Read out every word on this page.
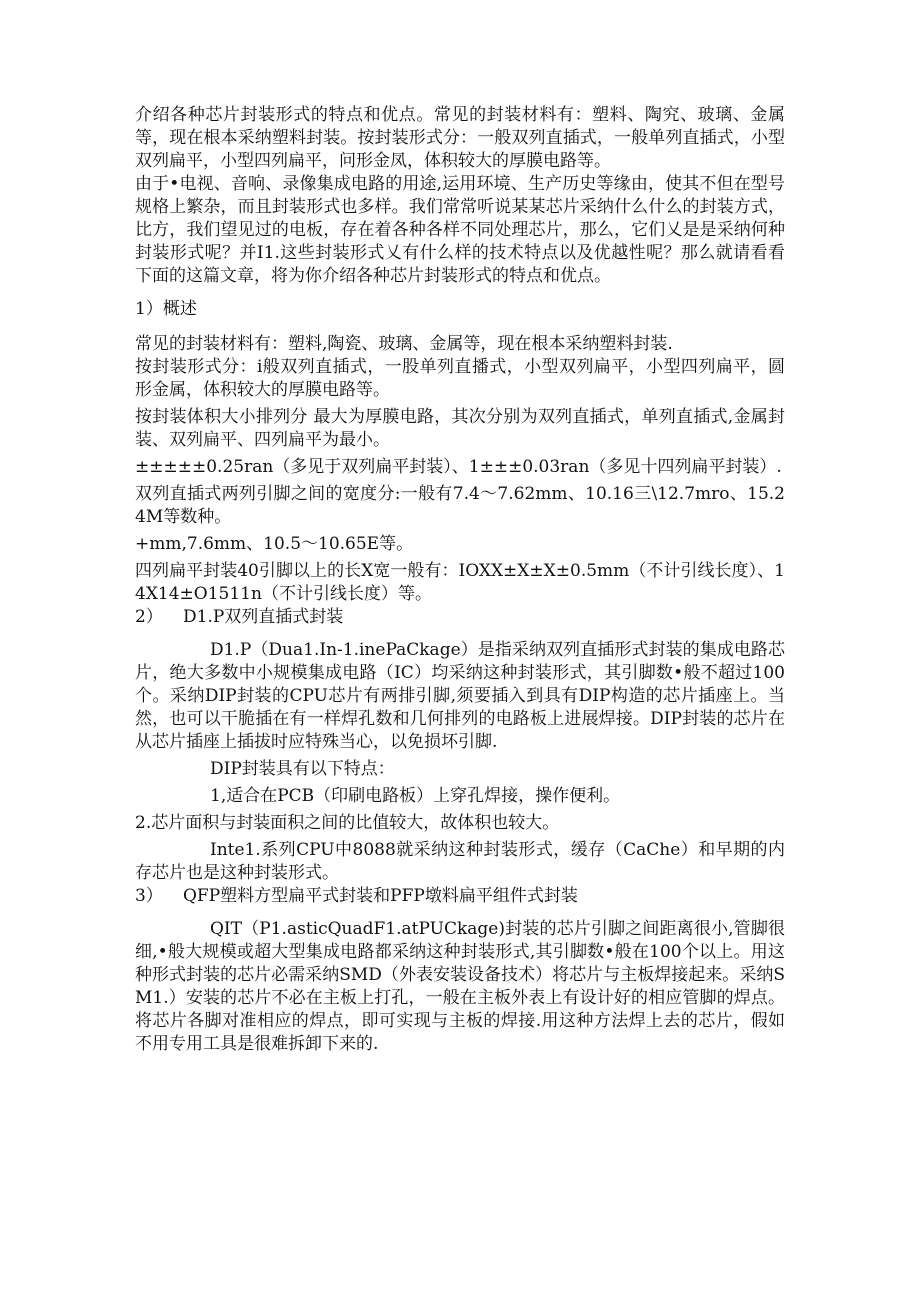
介绍各种芯片封装形式的特点和优点。常见的封装材料有：塑料、陶究、玻璃、金属等，现在根本采纳塑料封装。按封装形式分：一般双列直插式，一般单列直插式，小型双列扁平，小型四列扁平，问形金凤，体积较大的厚膜电路等。

由于•电视、音响、录像集成电路的用途,运用环境、生产历史等缘由，使其不但在型号规格上繁杂，而且封装形式也多样。我们常常听说某某芯片采纳什么什么的封装方式，比方，我们望见过的电板，存在着各种各样不同处理芯片，那么，它们乂是是采纳何种封装形式呢？并I1.这些封装形式乂有什么样的技术特点以及优越性呢？那么就请看看下面的这篇文章，将为你介绍各种芯片封装形式的特点和优点。

1）概述

常见的封装材料有：塑料,陶瓷、玻璃、金属等，现在根本采纳塑料封装.

按封装形式分：i般双列直插式，一股单列直播式，小型双列扁平，小型四列扁平，圆形金属，体积较大的厚膜电路等。

按封装体积大小排列分 最大为厚膜电路，其次分别为双列直插式，单列直插式,金属封装、双列扁平、四列扁平为最小。

±±±±±0.25ran（多见于双列扁平封装）、1±±±0.03ran（多见十四列扁平封装）.

双列直插式两列引脚之间的宽度分:一般有7.4～7.62mm、10.16三\12.7mro、15.24M等数种。

+mm,7.6mm、10.5～10.65E等。

四列扁平封装40引脚以上的长X宽一般有：IOXX±X±X±0.5mm（不计引线长度）、14X14±O1511n（不计引线长度）等。

2） D1.P双列直插式封装

D1.P（Dua1.In-1.inePaCkage）是指采纳双列直插形式封装的集成电路芯片，绝大多数中小规模集成电路（IC）均采纳这种封装形式，其引脚数•般不超过100个。采纳DIP封装的CPU芯片有两排引脚,须要插入到具有DIP构造的芯片插座上。当然，也可以干脆插在有一样焊孔数和几何排列的电路板上进展焊接。DIP封装的芯片在从芯片插座上插拔时应特殊当心，以免损坏引脚.

DIP封装具有以下特点：

1,适合在PCB（印刷电路板）上穿孔焊接，操作便利。

2.芯片面积与封装面积之间的比值较大，故体积也较大。

Inte1.系列CPU中8088就采纳这种封装形式，缓存（CaChe）和早期的内存芯片也是这种封装形式。

3） QFP塑料方型扁平式封装和PFP墩料扁平组件式封装

QIT（P1.asticQuadF1.atPUCkage)封装的芯片引脚之间距离很小,管脚很细,•般大规模或超大型集成电路都采纳这种封装形式,其引脚数•般在100个以上。用这种形式封装的芯片必需采纳SMD（外表安装设备技术）将芯片与主板焊接起来。采纳SM1.）安装的芯片不必在主板上打孔，一般在主板外表上有设计好的相应管脚的焊点。将芯片各脚对准相应的焊点，即可实现与主板的焊接.用这种方法焊上去的芯片，假如不用专用工具是很难拆卸下来的.
